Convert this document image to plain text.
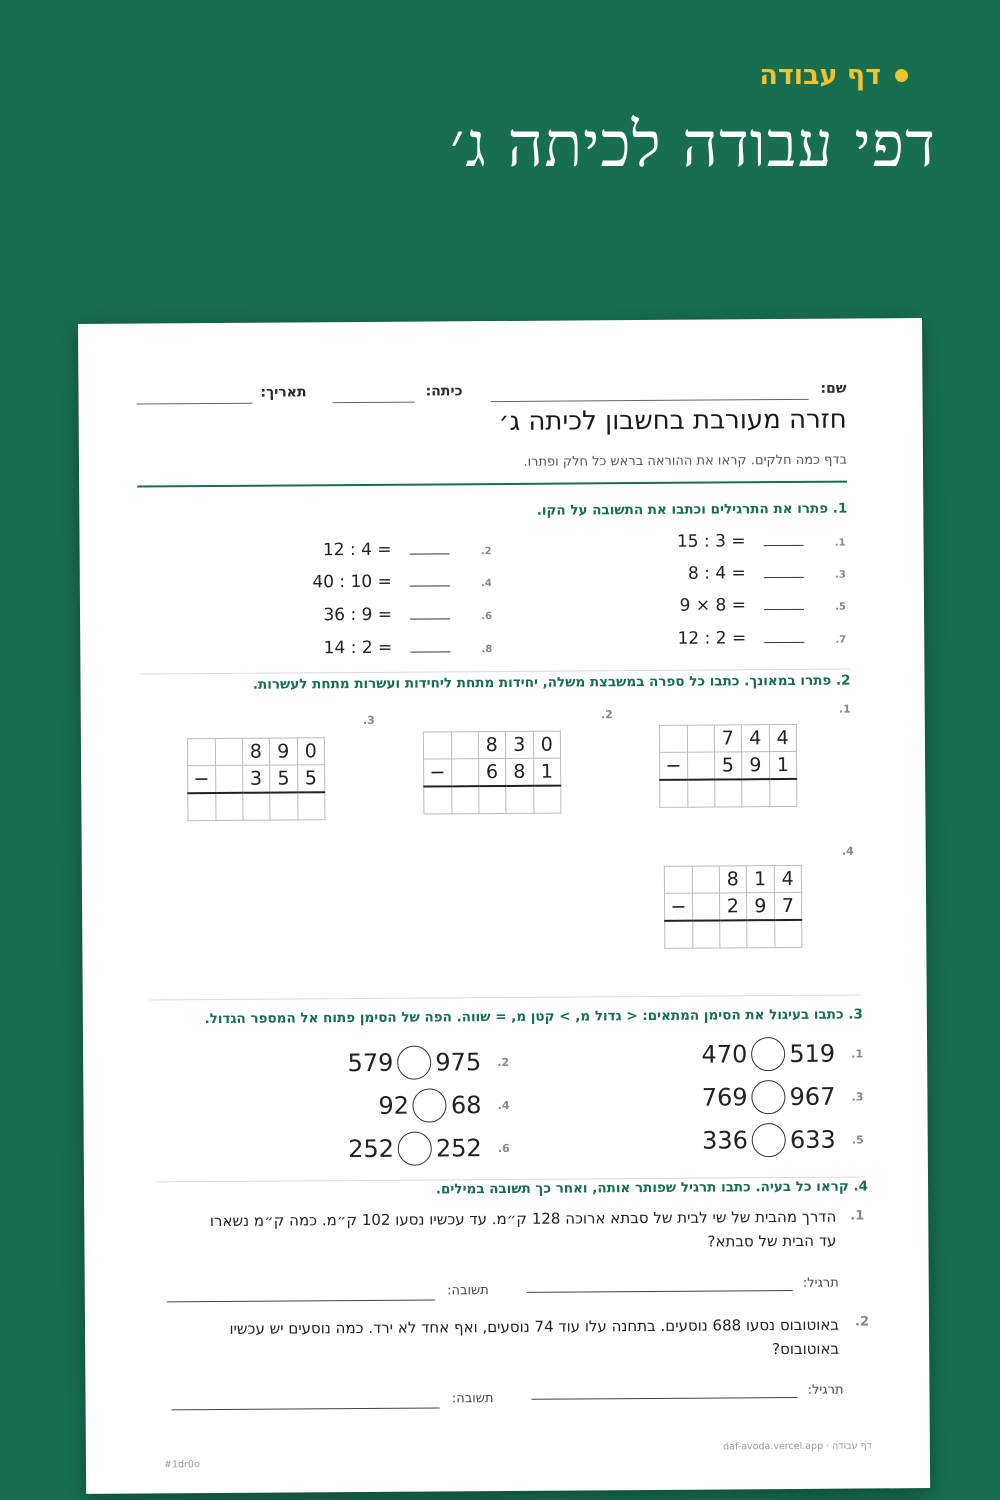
דף עבודה
דפי עבודה לכיתה ג׳
שם:
כיתה:
תאריך:
חזרה מעורבת בחשבון לכיתה ג׳
בדף כמה חלקים. קראו את ההוראה בראש כל חלק ופתרו.
1. פתרו את התרגילים וכתבו את התשובה על הקו.
1.
15 : 3 =
2.
12 : 4 =
3.
8 : 4 =
4.
40 : 10 =
5.
9 × 8 =
6.
36 : 9 =
7.
12 : 2 =
8.
14 : 2 =
2. פתרו במאונך. כתבו כל ספרה במשבצת משלה, יחידות מתחת ליחידות ועשרות מתחת לעשרות.
1.
		7	4	4
−		5	9	1

2.
		8	3	0
−		6	8	1

3.
		8	9	0
−		3	5	5

4.
		8	1	4
−		2	9	7

3. כתבו בעיגול את הסימן המתאים: < גדול מ, > קטן מ, = שווה. הפה של הסימן פתוח אל המספר הגדול.
1.
519
470
2.
975
579
3.
967
769
4.
68
92
5.
633
336
6.
252
252
4. קראו כל בעיה. כתבו תרגיל שפותר אותה, ואחר כך תשובה במילים.
1.
הדרך מהבית של שי לבית של סבתא ארוכה 128 ק״מ. עד עכשיו נסעו 102 ק״מ. כמה ק״מ נשארו
עד הבית של סבתא?
תרגיל:
תשובה:
2.
באוטובוס נסעו 688 נוסעים. בתחנה עלו עוד 74 נוסעים, ואף אחד לא ירד. כמה נוסעים יש עכשיו
באוטובוס?
תרגיל:
תשובה:
דף עבודה · daf-avoda.vercel.app
#1dr0o
